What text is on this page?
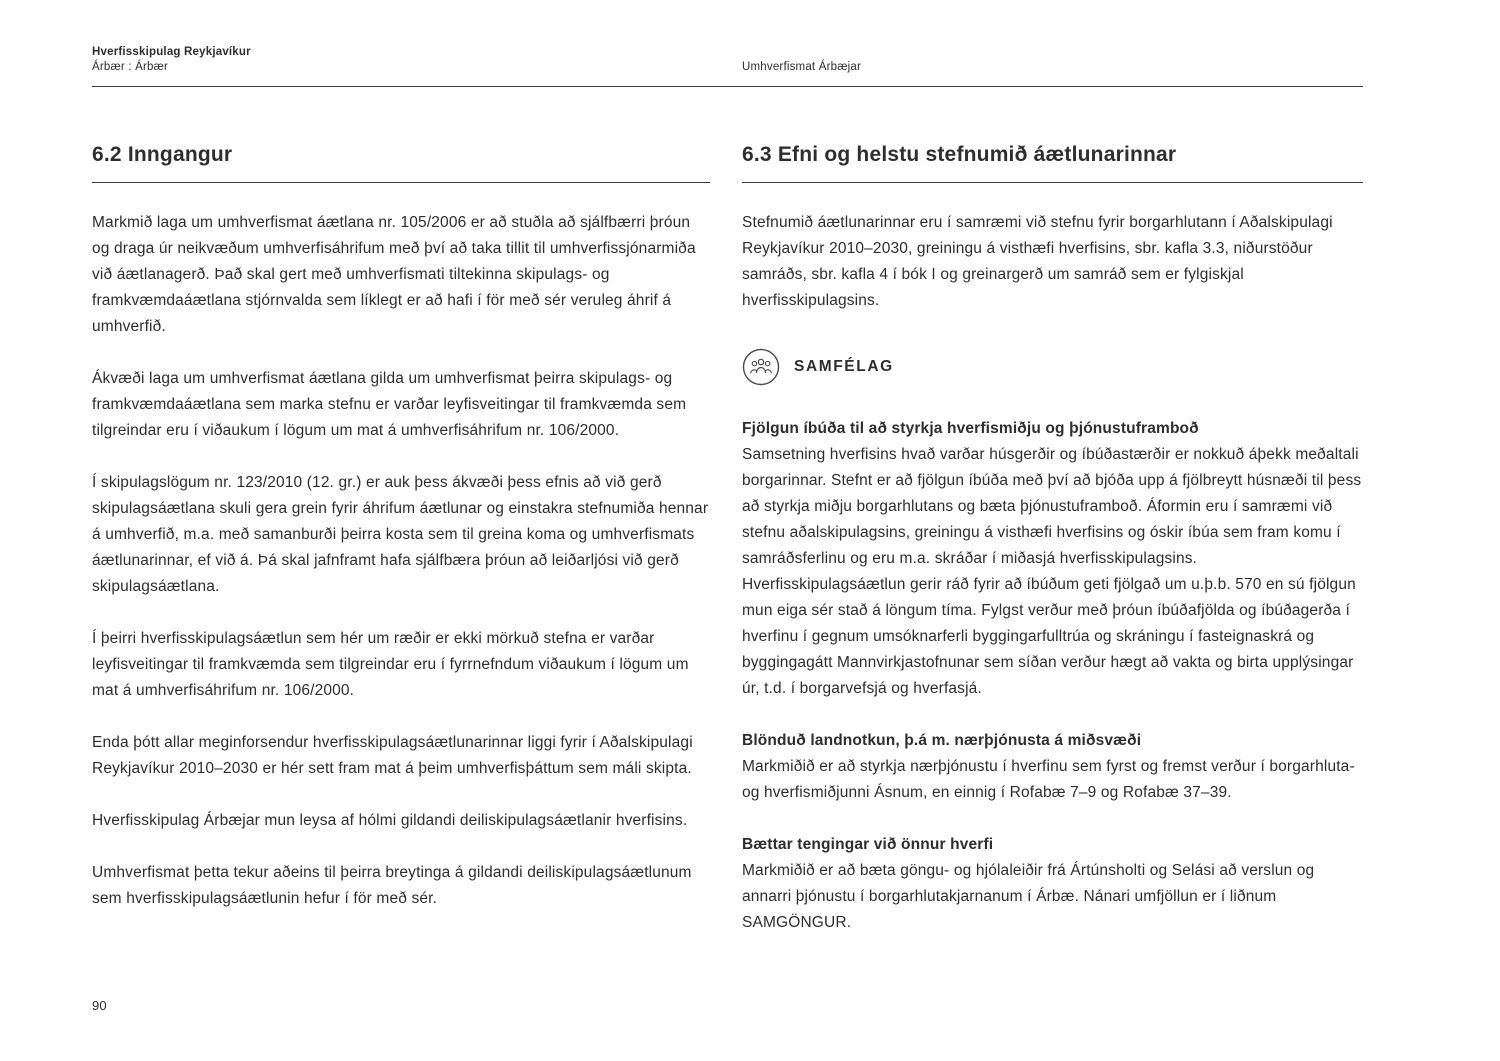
Hverfisskipulag Reykjavíkur
Árbær : Árbær	Umhverfismat Árbæjar
6.2 Inngangur

Markmið laga um umhverfismat áætlana nr. 105/2006 er að stuðla að sjálfbærri þróun og draga úr neikvæðum umhverfisáhrifum með því að taka tillit til umhverfissjónarmiða við áætlanagerð. Það skal gert með umhverfismati tiltekinna skipulags- og framkvæmdaáætlana stjórnvalda sem líklegt er að hafi í för með sér veruleg áhrif á umhverfið.

Ákvæði laga um umhverfismat áætlana gilda um umhverfismat þeirra skipulags- og framkvæmdaáætlana sem marka stefnu er varðar leyfisveitingar til framkvæmda sem tilgreindar eru í viðaukum í lögum um mat á umhverfisáhrifum nr. 106/2000.

Í skipulagslögum nr. 123/2010 (12. gr.) er auk þess ákvæði þess efnis að við gerð skipulagsáætlana skuli gera grein fyrir áhrifum áætlunar og einstakra stefnumiða hennar á umhverfið, m.a. með samanburði þeirra kosta sem til greina koma og umhverfismats áætlunarinnar, ef við á. Þá skal jafnframt hafa sjálfbæra þróun að leiðarljósi við gerð skipulagsáætlana.

Í þeirri hverfisskipulagsáætlun sem hér um ræðir er ekki mörkuð stefna er varðar leyfisveitingar til framkvæmda sem tilgreindar eru í fyrrnefndum viðaukum í lögum um mat á umhverfisáhrifum nr. 106/2000.

Enda þótt allar meginforsendur hverfisskipulagsáætlunarinnar liggi fyrir í Aðalskipulagi Reykjavíkur 2010–2030 er hér sett fram mat á þeim umhverfisþáttum sem máli skipta.

Hverfisskipulag Árbæjar mun leysa af hólmi gildandi deiliskipulagsáætlanir hverfisins.

Umhverfismat þetta tekur aðeins til þeirra breytinga á gildandi deiliskipulagsáætlunum sem hverfisskipulagsáætlunin hefur í för með sér.

6.3 Efni og helstu stefnumið áætlunarinnar

Stefnumið áætlunarinnar eru í samræmi við stefnu fyrir borgarhlutann í Aðalskipulagi Reykjavíkur 2010–2030, greiningu á visthæfi hverfisins, sbr. kafla 3.3, niðurstöður samráðs, sbr. kafla 4 í bók I og greinargerð um samráð sem er fylgiskjal hverfisskipulagsins.

SAMFÉLAG
Fjölgun íbúða til að styrkja hverfismiðju og þjónustuframboð

Samsetning hverfisins hvað varðar húsgerðir og íbúðastærðir er nokkuð áþekk meðaltali borgarinnar. Stefnt er að fjölgun íbúða með því að bjóða upp á fjölbreytt húsnæði til þess að styrkja miðju borgarhlutans og bæta þjónustuframboð. Áformin eru í samræmi við stefnu aðalskipulagsins, greiningu á visthæfi hverfisins og óskir íbúa sem fram komu í samráðsferlinu og eru m.a. skráðar í miðasjá hverfisskipulagsins. Hverfisskipulagsáætlun gerir ráð fyrir að íbúðum geti fjölgað um u.þ.b. 570 en sú fjölgun mun eiga sér stað á löngum tíma. Fylgst verður með þróun íbúðafjölda og íbúðagerða í hverfinu í gegnum umsóknarferli byggingarfulltrúa og skráningu í fasteignaskrá og byggingagátt Mannvirkjastofnunar sem síðan verður hægt að vakta og birta upplýsingar úr, t.d. í borgarvefsjá og hverfasjá.

Blönduð landnotkun, þ.á m. nærþjónusta á miðsvæði

Markmiðið er að styrkja nærþjónustu í hverfinu sem fyrst og fremst verður í borgarhluta- og hverfismiðjunni Ásnum, en einnig í Rofabæ 7–9 og Rofabæ 37–39.

Bættar tengingar við önnur hverfi

Markmiðið er að bæta göngu- og hjólaleiðir frá Ártúnsholti og Selási að verslun og annarri þjónustu í borgarhlutakjarnanum í Árbæ. Nánari umfjöllun er í liðnum SAMGÖNGUR.

90
